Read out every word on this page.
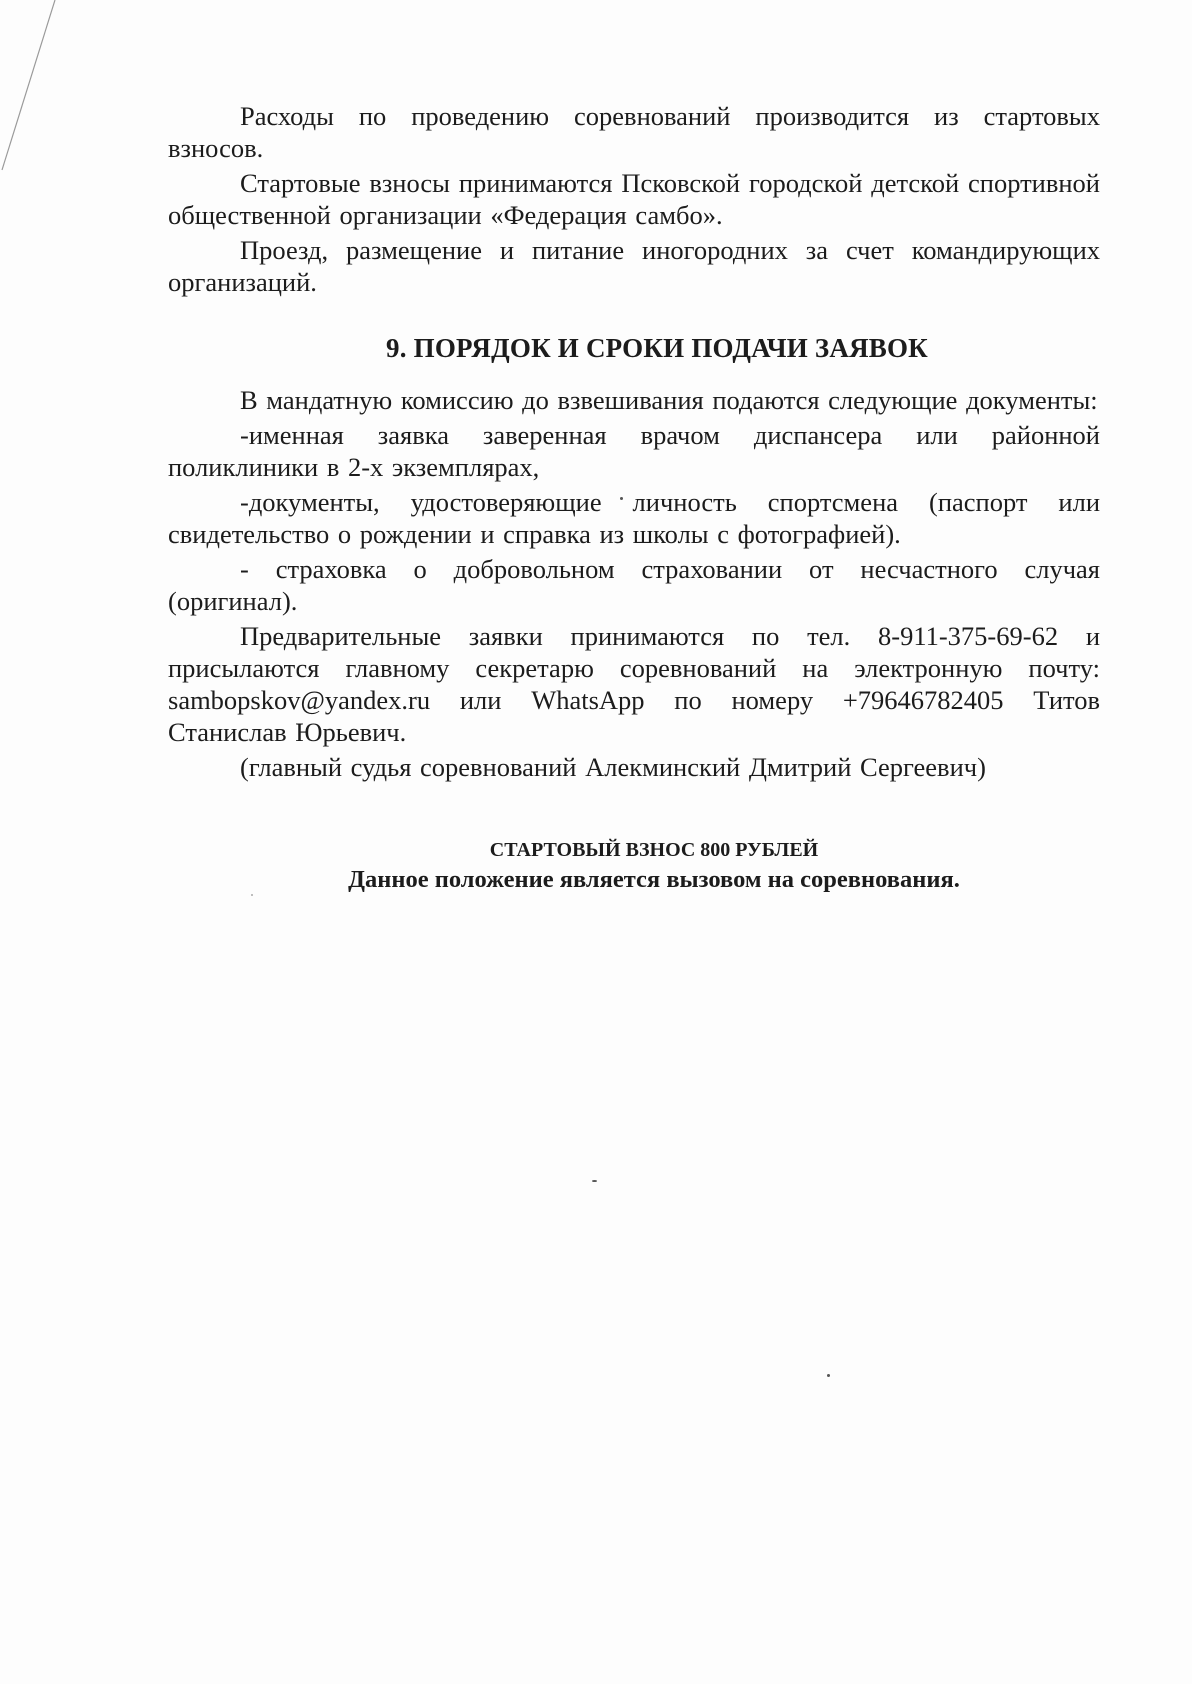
Расходы по проведению соревнований производится из стартовых взносов.

Стартовые взносы принимаются Псковской городской детской спортивной общественной организации «Федерация самбо».

Проезд, размещение и питание иногородних за счет командирующих организаций.

9. ПОРЯДОК И СРОКИ ПОДАЧИ ЗАЯВОК

В мандатную комиссию до взвешивания подаются следующие документы:

-именная заявка заверенная врачом диспансера или районной поликлиники в 2-х экземплярах,

-документы, удостоверяющие личность спортсмена (паспорт или свидетельство о рождении и справка из школы с фотографией).

- страховка о добровольном страховании от несчастного случая (оригинал).

Предварительные заявки принимаются по тел. 8-911-375-69-62 и присылаются главному секретарю соревнований на электронную почту: sambopskov@yandex.ru или WhatsApp по номеру +79646782405 Титов Станислав Юрьевич.

(главный судья соревнований Алекминский Дмитрий Сергеевич)

СТАРТОВЫЙ ВЗНОС 800 РУБЛЕЙ
Данное положение является вызовом на соревнования.
